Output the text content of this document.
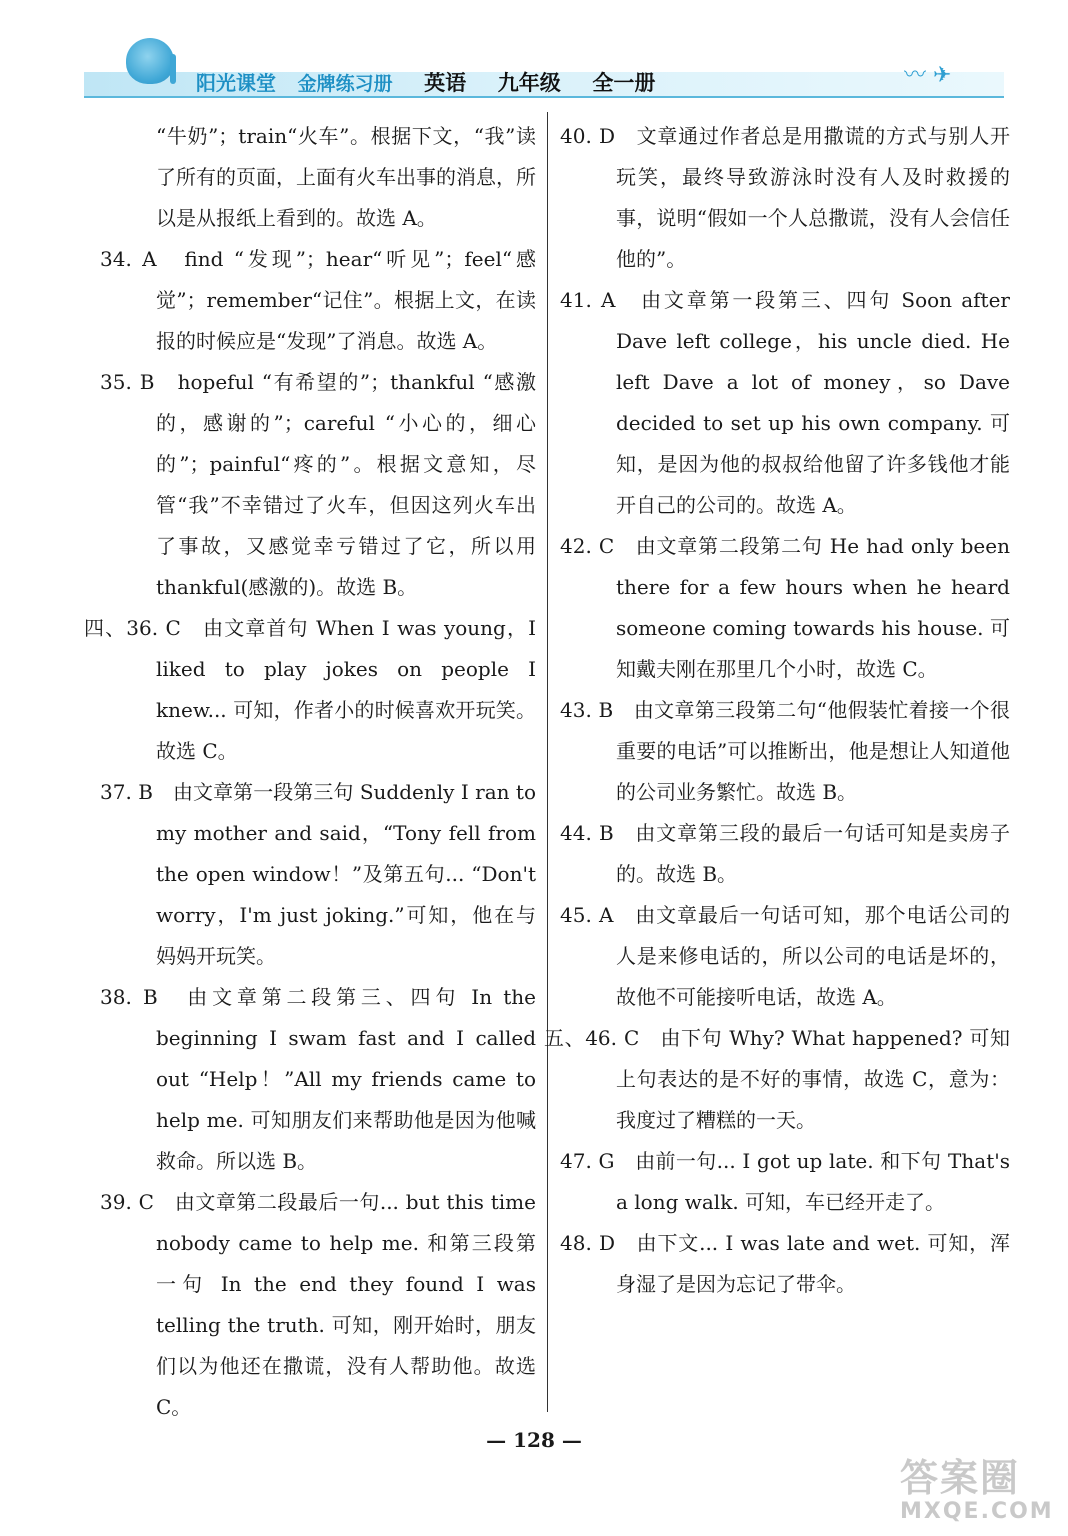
阳光课堂 金牌练习册 英语 九年级 全一册	〰 ✈
“牛奶”；train“火车”。根据下文，“我”读了所有的页面，上面有火车出事的消息，所以是从报纸上看到的。故选 A。
34. A　find “发现”；hear“听见”；feel“感觉”；remember“记住”。根据上文，在读报的时候应是“发现”了消息。故选 A。
35. B　hopeful “有希望的”；thankful “感激的，感谢的”；careful “小心的，细心的”；painful“疼的”。根据文意知，尽管“我”不幸错过了火车，但因这列火车出了事故，又感觉幸亏错过了它，所以用 thankful(感激的)。故选 B。
四、36. C　由文章首句 When I was young，I liked to play jokes on people I knew... 可知，作者小的时候喜欢开玩笑。故选 C。
37. B　由文章第一段第三句 Suddenly I ran to my mother and said，“Tony fell from the open window！”及第五句... “Don't worry，I'm just joking.”可知，他在与妈妈开玩笑。
38. B　由文章第二段第三、四句 In the beginning I swam fast and I called out “Help！”All my friends came to help me. 可知朋友们来帮助他是因为他喊救命。所以选 B。
39. C　由文章第二段最后一句... but this time nobody came to help me. 和第三段第一句 In the end they found I was telling the truth. 可知，刚开始时，朋友们以为他还在撒谎，没有人帮助他。故选 C。
40. D　文章通过作者总是用撒谎的方式与别人开玩笑，最终导致游泳时没有人及时救援的事，说明“假如一个人总撒谎，没有人会信任他的”。
41. A　由文章第一段第三、四句 Soon after Dave left college，his uncle died. He left Dave a lot of money，so Dave decided to set up his own company. 可知，是因为他的叔叔给他留了许多钱他才能开自己的公司的。故选 A。
42. C　由文章第二段第二句 He had only been there for a few hours when he heard someone coming towards his house. 可知戴夫刚在那里几个小时，故选 C。
43. B　由文章第三段第二句“他假装忙着接一个很重要的电话”可以推断出，他是想让人知道他的公司业务繁忙。故选 B。
44. B　由文章第三段的最后一句话可知是卖房子的。故选 B。
45. A　由文章最后一句话可知，那个电话公司的人是来修电话的，所以公司的电话是坏的，故他不可能接听电话，故选 A。
五、46. C　由下句 Why? What happened? 可知上句表达的是不好的事情，故选 C，意为：我度过了糟糕的一天。
47. G　由前一句... I got up late. 和下句 That's a long walk. 可知，车已经开走了。
48. D　由下文... I was late and wet. 可知，浑身湿了是因为忘记了带伞。
— 128 —
答案圈
MXQE.COM
